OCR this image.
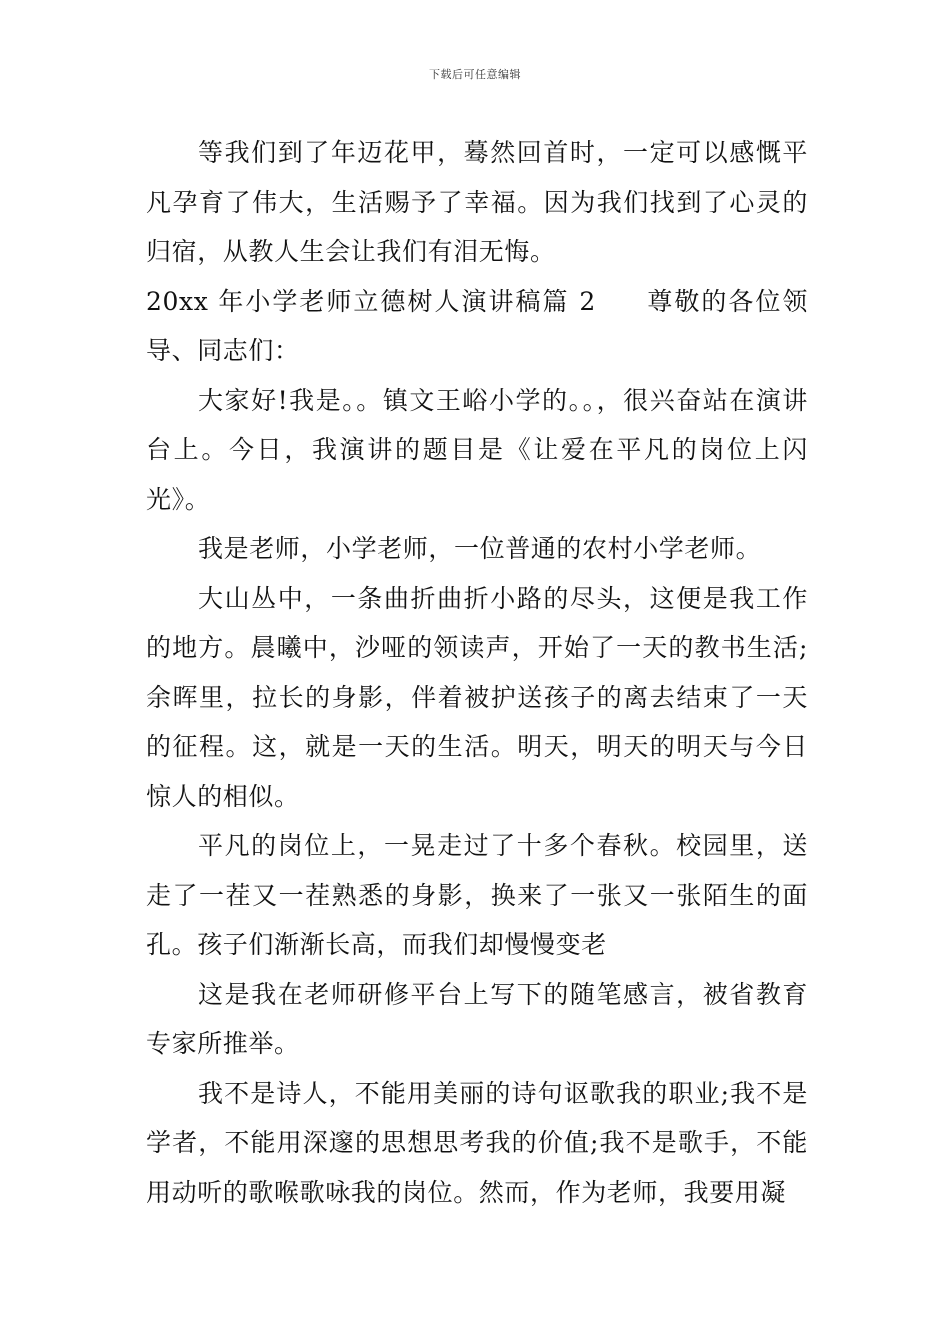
下载后可任意编辑

等我们到了年迈花甲，蓦然回首时，一定可以感慨平凡孕育了伟大，生活赐予了幸福。因为我们找到了心灵的归宿，从教人生会让我们有泪无悔。

20xx 年小学老师立德树人演讲稿篇 2 尊敬的各位领导、同志们：

大家好!我是。。镇文王峪小学的。。，很兴奋站在演讲台上。今日，我演讲的题目是《让爱在平凡的岗位上闪光》。

我是老师，小学老师，一位普通的农村小学老师。

大山丛中，一条曲折曲折小路的尽头，这便是我工作的地方。晨曦中，沙哑的领读声，开始了一天的教书生活;余晖里，拉长的身影，伴着被护送孩子的离去结束了一天的征程。这，就是一天的生活。明天，明天的明天与今日惊人的相似。

平凡的岗位上，一晃走过了十多个春秋。校园里，送走了一茬又一茬熟悉的身影，换来了一张又一张陌生的面孔。孩子们渐渐长高，而我们却慢慢变老

这是我在老师研修平台上写下的随笔感言，被省教育专家所推举。

我不是诗人，不能用美丽的诗句讴歌我的职业;我不是学者，不能用深邃的思想思考我的价值;我不是歌手，不能用动听的歌喉歌咏我的岗位。然而，作为老师，我要用凝
